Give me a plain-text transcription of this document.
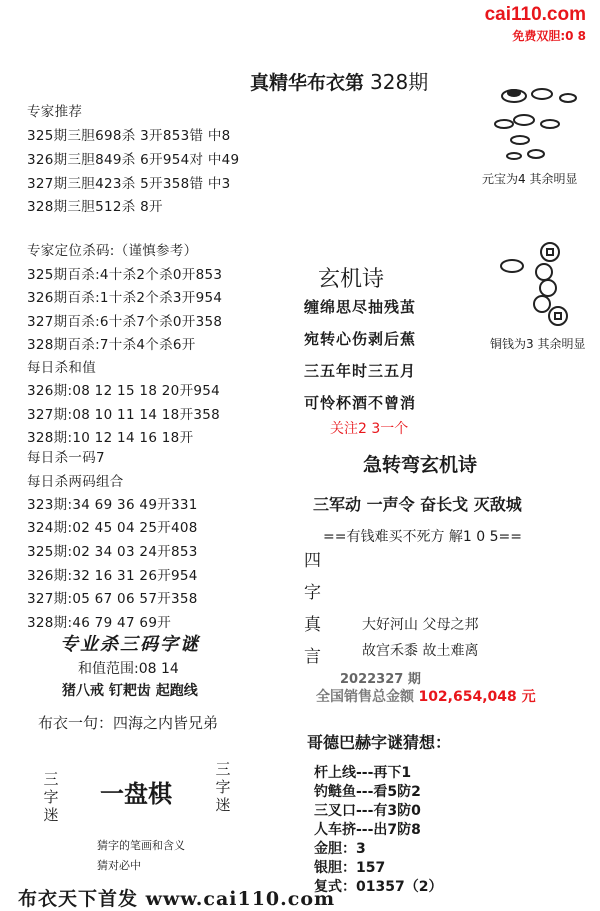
cai110.com
免费双胆:0 8
真精华布衣第 328期
专家推荐
325期三胆698杀 3开853错 中8
326期三胆849杀 6开954对 中49
327期三胆423杀 5开358错 中3
328期三胆512杀 8开
专家定位杀码:（谨慎参考）
325期百杀:4十杀2个杀0开853
326期百杀:1十杀2个杀3开954
327期百杀:6十杀7个杀0开358
328期百杀:7十杀4个杀6开
每日杀和值
326期:08 12 15 18 20开954
327期:08 10 11 14 18开358
328期:10 12 14 16 18开
每日杀一码7
每日杀两码组合
323期:34 69 36 49开331
324期:02 45 04 25开408
325期:02 34 03 24开853
326期:32 16 31 26开954
327期:05 67 06 57开358
328期:46 79 47 69开
专业杀三码字谜
和值范围:08 14
猪八戒 钉耙齿 起跑线
布衣一句：四海之内皆兄弟
三字迷
一盘棋
三字迷
猜字的笔画和含义
猜对必中
元宝为4 其余明显
铜钱为3 其余明显
玄机诗
缠绵思尽抽残茧
宛转心伤剥后蕉
三五年时三五月
可怜杯酒不曾消
关注2 3一个
急转弯玄机诗
三军动 一声令 奋长戈 灭敌城
==有钱难买不死方 解1 0 5==
四
字
真
言
大好河山 父母之邦
故宫禾黍 故土难离
2022327 期
全国销售总金额 102,654,048 元
哥德巴赫字谜猜想：
杆上线---再下1
钓鲢鱼---看5防2
三叉口---有3防0
人车挤---出7防8
金胆：3
银胆：157
复式：01357（2）
布衣天下首发 www.cai110.com
